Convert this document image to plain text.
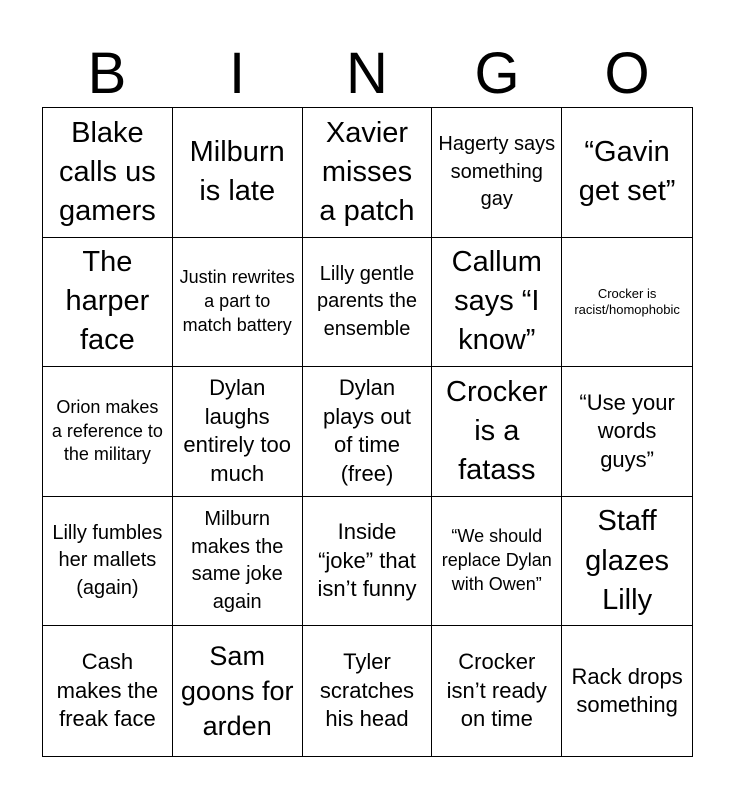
B	I	N	G	O
Blake calls us gamers
Milburn is late
Xavier misses a patch
Hagerty says something gay
“Gavin get set”
The harper face
Justin rewrites a part to match battery
Lilly gentle parents the ensemble
Callum says “I know”
Crocker is racist/homophobic
Orion makes a reference to the military
Dylan laughs entirely too much
Dylan plays out of time (free)
Crocker is a fatass
“Use your words guys”
Lilly fumbles her mallets (again)
Milburn makes the same joke again
Inside “joke” that isn’t funny
“We should replace Dylan with Owen”
Staff glazes Lilly
Cash makes the freak face
Sam goons for arden
Tyler scratches his head
Crocker isn’t ready on time
Rack drops something
